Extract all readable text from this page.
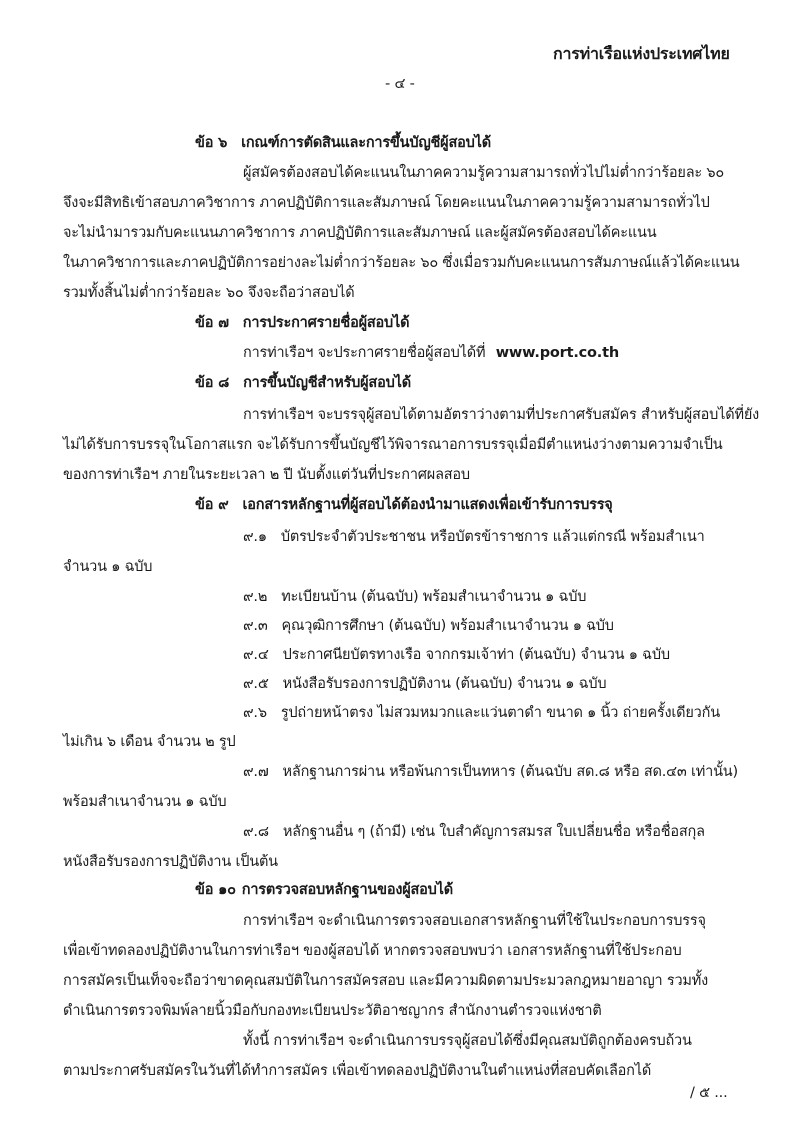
การท่าเรือแห่งประเทศไทย
- ๔ -
ข้อ ๖ เกณฑ์การตัดสินและการขึ้นบัญชีผู้สอบได้
ผู้สมัครต้องสอบได้คะแนนในภาคความรู้ความสามารถทั่วไปไม่ต่ำกว่าร้อยละ ๖๐
จึงจะมีสิทธิเข้าสอบภาควิชาการ ภาคปฏิบัติการและสัมภาษณ์ โดยคะแนนในภาคความรู้ความสามารถทั่วไป
จะไม่นำมารวมกับคะแนนภาควิชาการ ภาคปฏิบัติการและสัมภาษณ์ และผู้สมัครต้องสอบได้คะแนน
ในภาควิชาการและภาคปฏิบัติการอย่างละไม่ต่ำกว่าร้อยละ ๖๐ ซึ่งเมื่อรวมกับคะแนนการสัมภาษณ์แล้วได้คะแนน
รวมทั้งสิ้นไม่ต่ำกว่าร้อยละ ๖๐ จึงจะถือว่าสอบได้
ข้อ ๗ การประกาศรายชื่อผู้สอบได้
การท่าเรือฯ จะประกาศรายชื่อผู้สอบได้ที่ www.port.co.th
ข้อ ๘ การขึ้นบัญชีสำหรับผู้สอบได้
การท่าเรือฯ จะบรรจุผู้สอบได้ตามอัตราว่างตามที่ประกาศรับสมัคร สำหรับผู้สอบได้ที่ยัง
ไม่ได้รับการบรรจุในโอกาสแรก จะได้รับการขึ้นบัญชีไว้พิจารณาอการบรรจุเมื่อมีตำแหน่งว่างตามความจำเป็น
ของการท่าเรือฯ ภายในระยะเวลา ๒ ปี นับตั้งแต่วันที่ประกาศผลสอบ
ข้อ ๙ เอกสารหลักฐานที่ผู้สอบได้ต้องนำมาแสดงเพื่อเข้ารับการบรรจุ
๙.๑ บัตรประจำตัวประชาชน หรือบัตรข้าราชการ แล้วแต่กรณี พร้อมสำเนา
จำนวน ๑ ฉบับ
๙.๒ ทะเบียนบ้าน (ต้นฉบับ) พร้อมสำเนาจำนวน ๑ ฉบับ
๙.๓ คุณวุฒิการศึกษา (ต้นฉบับ) พร้อมสำเนาจำนวน ๑ ฉบับ
๙.๔ ประกาศนียบัตรทางเรือ จากกรมเจ้าท่า (ต้นฉบับ) จำนวน ๑ ฉบับ
๙.๕ หนังสือรับรองการปฏิบัติงาน (ต้นฉบับ) จำนวน ๑ ฉบับ
๙.๖ รูปถ่ายหน้าตรง ไม่สวมหมวกและแว่นตาดำ ขนาด ๑ นิ้ว ถ่ายครั้งเดียวกัน
ไม่เกิน ๖ เดือน จำนวน ๒ รูป
๙.๗ หลักฐานการผ่าน หรือพ้นการเป็นทหาร (ต้นฉบับ สด.๘ หรือ สด.๔๓ เท่านั้น)
พร้อมสำเนาจำนวน ๑ ฉบับ
๙.๘ หลักฐานอื่น ๆ (ถ้ามี) เช่น ใบสำคัญการสมรส ใบเปลี่ยนชื่อ หรือชื่อสกุล
หนังสือรับรองการปฏิบัติงาน เป็นต้น
ข้อ ๑๐ การตรวจสอบหลักฐานของผู้สอบได้
การท่าเรือฯ จะดำเนินการตรวจสอบเอกสารหลักฐานที่ใช้ในประกอบการบรรจุ
เพื่อเข้าทดลองปฏิบัติงานในการท่าเรือฯ ของผู้สอบได้ หากตรวจสอบพบว่า เอกสารหลักฐานที่ใช้ประกอบ
การสมัครเป็นเท็จจะถือว่าขาดคุณสมบัติในการสมัครสอบ และมีความผิดตามประมวลกฎหมายอาญา รวมทั้ง
ดำเนินการตรวจพิมพ์ลายนิ้วมือกับกองทะเบียนประวัติอาชญากร สำนักงานตำรวจแห่งชาติ
ทั้งนี้ การท่าเรือฯ จะดำเนินการบรรจุผู้สอบได้ซึ่งมีคุณสมบัติถูกต้องครบถ้วน
ตามประกาศรับสมัครในวันที่ได้ทำการสมัคร เพื่อเข้าทดลองปฏิบัติงานในตำแหน่งที่สอบคัดเลือกได้
/ ๕ ...
